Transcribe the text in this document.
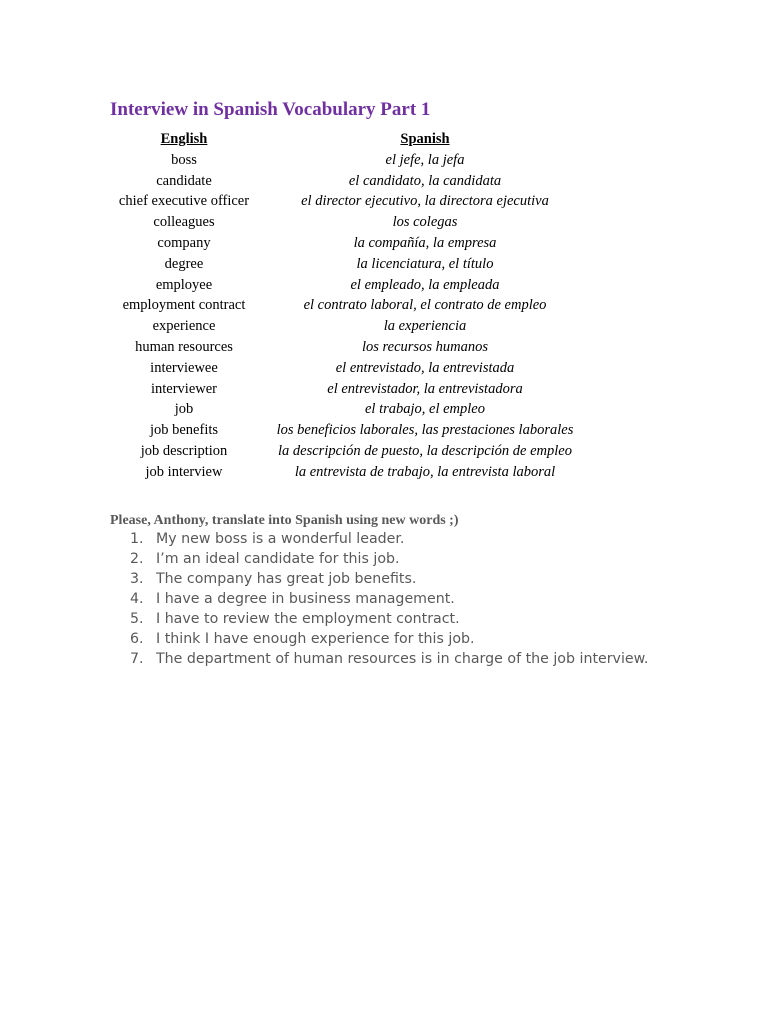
Interview in Spanish Vocabulary Part 1
English	Spanish
boss	el jefe, la jefa
candidate	el candidato, la candidata
chief executive officer	el director ejecutivo, la directora ejecutiva
colleagues	los colegas
company	la compañía, la empresa
degree	la licenciatura, el título
employee	el empleado, la empleada
employment contract	el contrato laboral, el contrato de empleo
experience	la experiencia
human resources	los recursos humanos
interviewee	el entrevistado, la entrevistada
interviewer	el entrevistador, la entrevistadora
job	el trabajo, el empleo
job benefits	los beneficios laborales, las prestaciones laborales
job description	la descripción de puesto, la descripción de empleo
job interview	la entrevista de trabajo, la entrevista laboral

Please, Anthony, translate into Spanish using new words ;)

1. My new boss is a wonderful leader.
2. I’m an ideal candidate for this job.
3. The company has great job benefits.
4. I have a degree in business management.
5. I have to review the employment contract.
6. I think I have enough experience for this job.
7. The department of human resources is in charge of the job interview.
